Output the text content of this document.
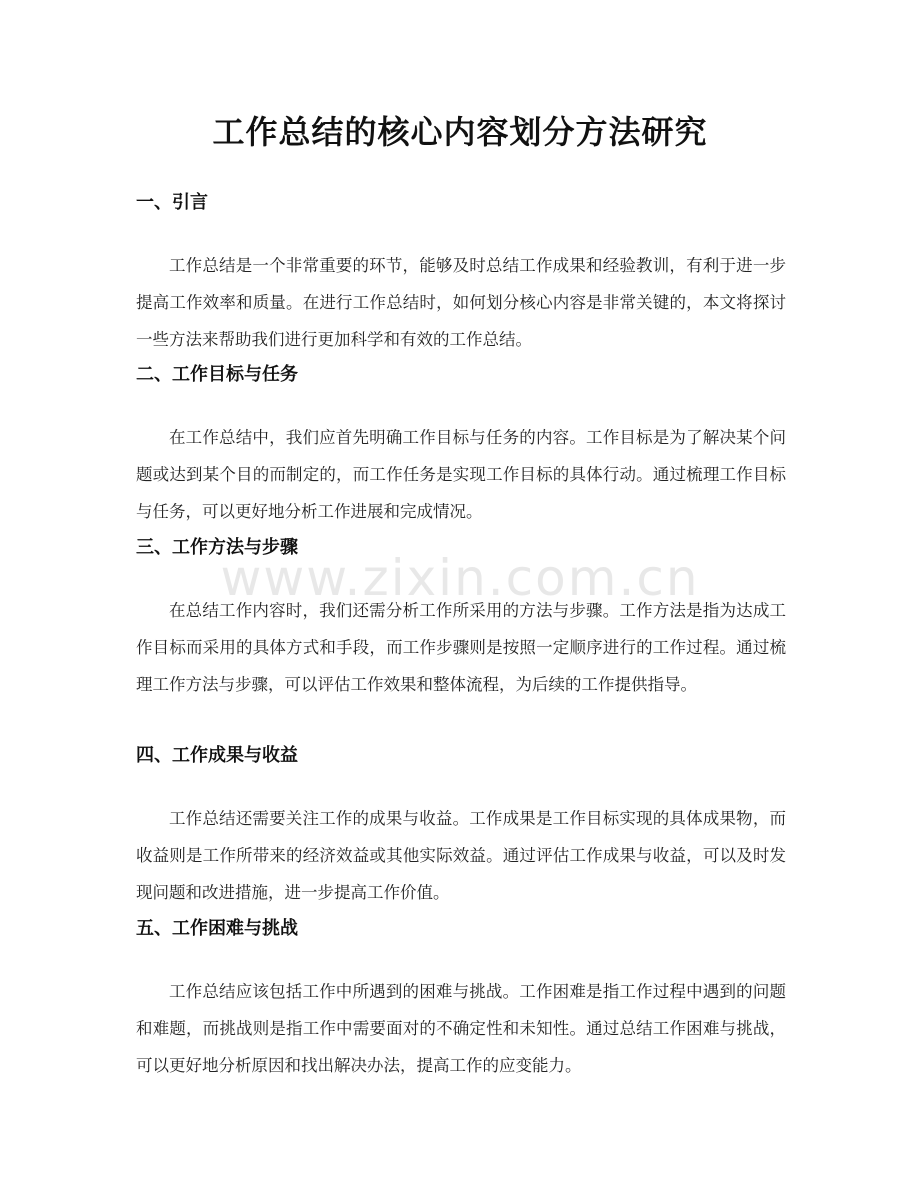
工作总结的核心内容划分方法研究
一、引言

工作总结是一个非常重要的环节，能够及时总结工作成果和经验教训，有利于进一步提高工作效率和质量。在进行工作总结时，如何划分核心内容是非常关键的，本文将探讨一些方法来帮助我们进行更加科学和有效的工作总结。

二、工作目标与任务

在工作总结中，我们应首先明确工作目标与任务的内容。工作目标是为了解决某个问题或达到某个目的而制定的，而工作任务是实现工作目标的具体行动。通过梳理工作目标与任务，可以更好地分析工作进展和完成情况。

三、工作方法与步骤

在总结工作内容时，我们还需分析工作所采用的方法与步骤。工作方法是指为达成工作目标而采用的具体方式和手段，而工作步骤则是按照一定顺序进行的工作过程。通过梳理工作方法与步骤，可以评估工作效果和整体流程，为后续的工作提供指导。

四、工作成果与收益

工作总结还需要关注工作的成果与收益。工作成果是工作目标实现的具体成果物，而收益则是工作所带来的经济效益或其他实际效益。通过评估工作成果与收益，可以及时发现问题和改进措施，进一步提高工作价值。

五、工作困难与挑战

工作总结应该包括工作中所遇到的困难与挑战。工作困难是指工作过程中遇到的问题和难题，而挑战则是指工作中需要面对的不确定性和未知性。通过总结工作困难与挑战，可以更好地分析原因和找出解决办法，提高工作的应变能力。

www.zixin.com.cn
